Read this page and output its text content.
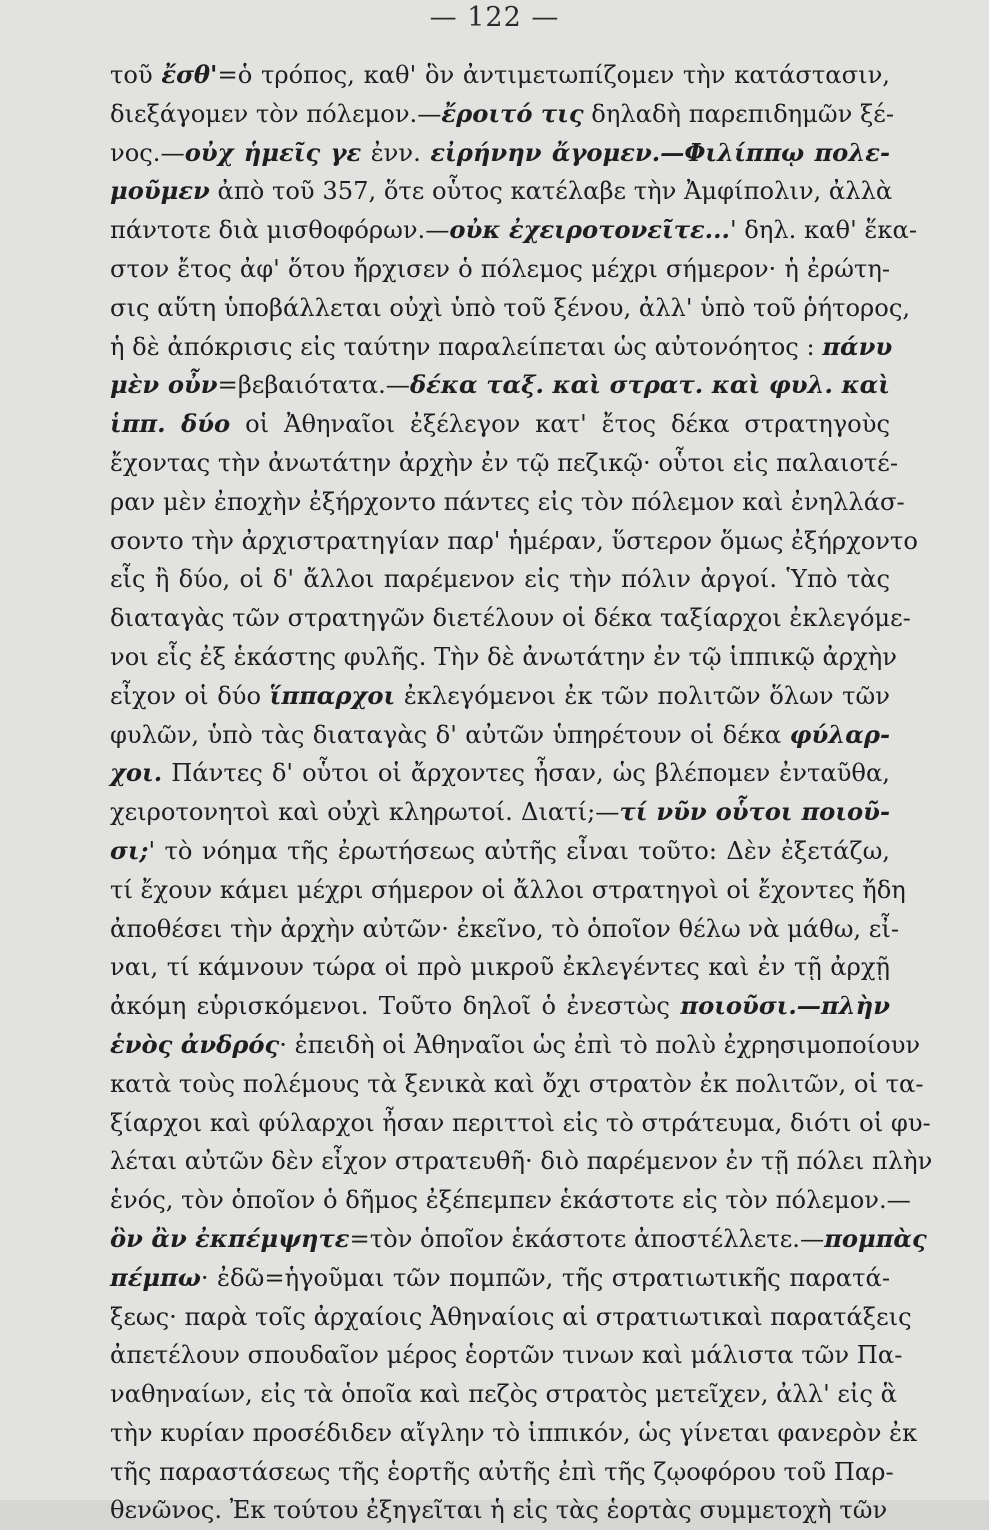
— 122 —
τοῦ ἔσθ'=ὁ τρόπος, καθ' ὃν ἀντιμετωπίζομεν τὴν κατάστασιν,
διεξάγομεν τὸν πόλεμον.—ἔροιτό τις δηλαδὴ παρεπιδημῶν ξέ-
νος.—οὐχ ἡμεῖς γε ἐνν. εἰρήνην ἄγομεν.—Φιλίππῳ πολε-
μοῦμεν ἀπὸ τοῦ 357, ὅτε οὗτος κατέλαβε τὴν Ἀμφίπολιν, ἀλλὰ
πάντοτε διὰ μισθοφόρων.—οὐκ ἐχειροτονεῖτε...' δηλ. καθ' ἕκα-
στον ἔτος ἀφ' ὅτου ἤρχισεν ὁ πόλεμος μέχρι σήμερον· ἡ ἐρώτη-
σις αὕτη ὑποβάλλεται οὐχὶ ὑπὸ τοῦ ξένου, ἀλλ' ὑπὸ τοῦ ῥήτορος,
ἡ δὲ ἀπόκρισις εἰς ταύτην παραλείπεται ὡς αὐτονόητος : πάνυ
μὲν οὖν=βεβαιότατα.—δέκα ταξ. καὶ στρατ. καὶ φυλ. καὶ
ἱππ. δύο οἱ Ἀθηναῖοι ἐξέλεγον κατ' ἔτος δέκα στρατηγοὺς
ἔχοντας τὴν ἀνωτάτην ἀρχὴν ἐν τῷ πεζικῷ· οὗτοι εἰς παλαιοτέ-
ραν μὲν ἐποχὴν ἐξήρχοντο πάντες εἰς τὸν πόλεμον καὶ ἐνηλλάσ-
σοντο τὴν ἀρχιστρατηγίαν παρ' ἡμέραν, ὕστερον ὅμως ἐξήρχοντο
εἷς ἢ δύο, οἱ δ' ἄλλοι παρέμενον εἰς τὴν πόλιν ἀργοί. Ὑπὸ τὰς
διαταγὰς τῶν στρατηγῶν διετέλουν οἱ δέκα ταξίαρχοι ἐκλεγόμε-
νοι εἷς ἐξ ἑκάστης φυλῆς. Τὴν δὲ ἀνωτάτην ἐν τῷ ἱππικῷ ἀρχὴν
εἶχον οἱ δύο ἵππαρχοι ἐκλεγόμενοι ἐκ τῶν πολιτῶν ὅλων τῶν
φυλῶν, ὑπὸ τὰς διαταγὰς δ' αὐτῶν ὑπηρέτουν οἱ δέκα φύλαρ-
χοι. Πάντες δ' οὗτοι οἱ ἄρχοντες ἦσαν, ὡς βλέπομεν ἐνταῦθα,
χειροτονητοὶ καὶ οὐχὶ κληρωτοί. Διατί;—τί νῦν οὗτοι ποιοῦ-
σι;' τὸ νόημα τῆς ἐρωτήσεως αὐτῆς εἶναι τοῦτο: Δὲν ἐξετάζω,
τί ἔχουν κάμει μέχρι σήμερον οἱ ἄλλοι στρατηγοὶ οἱ ἔχοντες ἤδη
ἀποθέσει τὴν ἀρχὴν αὐτῶν· ἐκεῖνο, τὸ ὁποῖον θέλω νὰ μάθω, εἶ-
ναι, τί κάμνουν τώρα οἱ πρὸ μικροῦ ἐκλεγέντες καὶ ἐν τῇ ἀρχῇ
ἀκόμη εὑρισκόμενοι. Τοῦτο δηλοῖ ὁ ἐνεστὼς ποιοῦσι.—πλὴν
ἑνὸς ἀνδρός· ἐπειδὴ οἱ Ἀθηναῖοι ὡς ἐπὶ τὸ πολὺ ἐχρησιμοποίουν
κατὰ τοὺς πολέμους τὰ ξενικὰ καὶ ὄχι στρατὸν ἐκ πολιτῶν, οἱ τα-
ξίαρχοι καὶ φύλαρχοι ἦσαν περιττοὶ εἰς τὸ στράτευμα, διότι οἱ φυ-
λέται αὐτῶν δὲν εἶχον στρατευθῆ· διὸ παρέμενον ἐν τῇ πόλει πλὴν
ἑνός, τὸν ὁποῖον ὁ δῆμος ἐξέπεμπεν ἑκάστοτε εἰς τὸν πόλεμον.—
ὃν ἂν ἐκπέμψητε=τὸν ὁποῖον ἑκάστοτε ἀποστέλλετε.—πομπὰς
πέμπω· ἐδῶ=ἡγοῦμαι τῶν πομπῶν, τῆς στρατιωτικῆς παρατά-
ξεως· παρὰ τοῖς ἀρχαίοις Ἀθηναίοις αἱ στρατιωτικαὶ παρατάξεις
ἀπετέλουν σπουδαῖον μέρος ἑορτῶν τινων καὶ μάλιστα τῶν Πα-
ναθηναίων, εἰς τὰ ὁποῖα καὶ πεζὸς στρατὸς μετεῖχεν, ἀλλ' εἰς ἃ
τὴν κυρίαν προσέδιδεν αἴγλην τὸ ἱππικόν, ὡς γίνεται φανερὸν ἐκ
τῆς παραστάσεως τῆς ἑορτῆς αὐτῆς ἐπὶ τῆς ζῳοφόρου τοῦ Παρ-
θενῶνος. Ἐκ τούτου ἐξηγεῖται ἡ εἰς τὰς ἑορτὰς συμμετοχὴ τῶν
